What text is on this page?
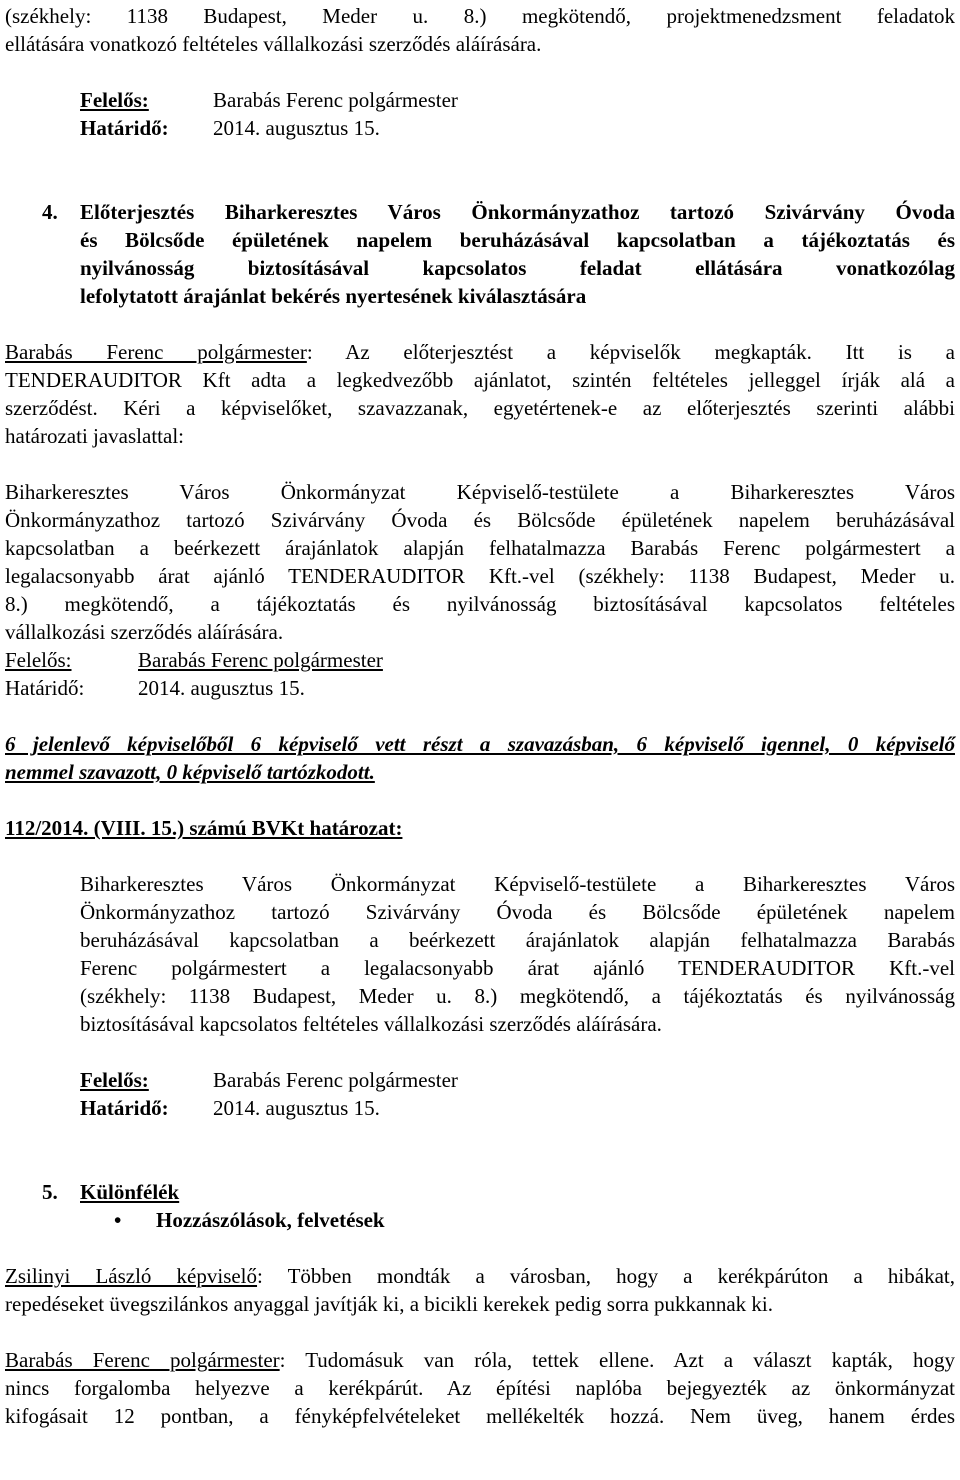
(székhely: 1138 Budapest, Meder u. 8.) megkötendő, projektmenedzsment feladatok

ellátására vonatkozó feltételes vállalkozási szerződés aláírására.

Felelős:	Barabás Ferenc polgármester

Határidő: 2014. augusztus 15.

4.	Előterjesztés Biharkeresztes Város Önkormányzathoz tartozó Szivárvány Óvoda

és Bölcsőde épületének napelem beruházásával kapcsolatban a tájékoztatás és

nyilvánosság biztosításával kapcsolatos feladat ellátására vonatkozólag

lefolytatott árajánlat bekérés nyertesének kiválasztására

Barabás Ferenc polgármester: Az előterjesztést a képviselők megkapták. Itt is a

TENDERAUDITOR Kft adta a legkedvezőbb ajánlatot, szintén feltételes jelleggel írják alá a

szerződést. Kéri a képviselőket, szavazzanak, egyetértenek-e az előterjesztés szerinti alábbi

határozati javaslattal:

Biharkeresztes Város Önkormányzat Képviselő-testülete a Biharkeresztes Város

Önkormányzathoz tartozó Szivárvány Óvoda és Bölcsőde épületének napelem beruházásával

kapcsolatban a beérkezett árajánlatok alapján felhatalmazza Barabás Ferenc polgármestert a

legalacsonyabb árat ajánló TENDERAUDITOR Kft.-vel (székhely: 1138 Budapest, Meder u.

8.) megkötendő, a tájékoztatás és nyilvánosság biztosításával kapcsolatos feltételes

vállalkozási szerződés aláírására.

Felelős:	Barabás Ferenc polgármester

Határidő:	2014. augusztus 15.

6 jelenlevő képviselőből 6 képviselő vett részt a szavazásban, 6 képviselő igennel, 0 képviselő

nemmel szavazott, 0 képviselő tartózkodott.

112/2014. (VIII. 15.) számú BVKt határozat:

Biharkeresztes Város Önkormányzat Képviselő-testülete a Biharkeresztes Város

Önkormányzathoz tartozó Szivárvány Óvoda és Bölcsőde épületének napelem

beruházásával kapcsolatban a beérkezett árajánlatok alapján felhatalmazza Barabás

Ferenc polgármestert a legalacsonyabb árat ajánló TENDERAUDITOR Kft.-vel

(székhely: 1138 Budapest, Meder u. 8.) megkötendő, a tájékoztatás és nyilvánosság

biztosításával kapcsolatos feltételes vállalkozási szerződés aláírására.

Felelős:	Barabás Ferenc polgármester

Határidő: 2014. augusztus 15.

5.	Különfélék
•	Hozzászólások, felvetések

Zsilinyi László képviselő: Többen mondták a városban, hogy a kerékpárúton a hibákat,

repedéseket üvegszilánkos anyaggal javítják ki, a bicikli kerekek pedig sorra pukkannak ki.

Barabás Ferenc polgármester: Tudomásuk van róla, tettek ellene. Azt a választ kapták, hogy

nincs forgalomba helyezve a kerékpárút. Az építési naplóba bejegyezték az önkormányzat

kifogásait 12 pontban, a fényképfelvételeket mellékelték hozzá. Nem üveg, hanem érdes
